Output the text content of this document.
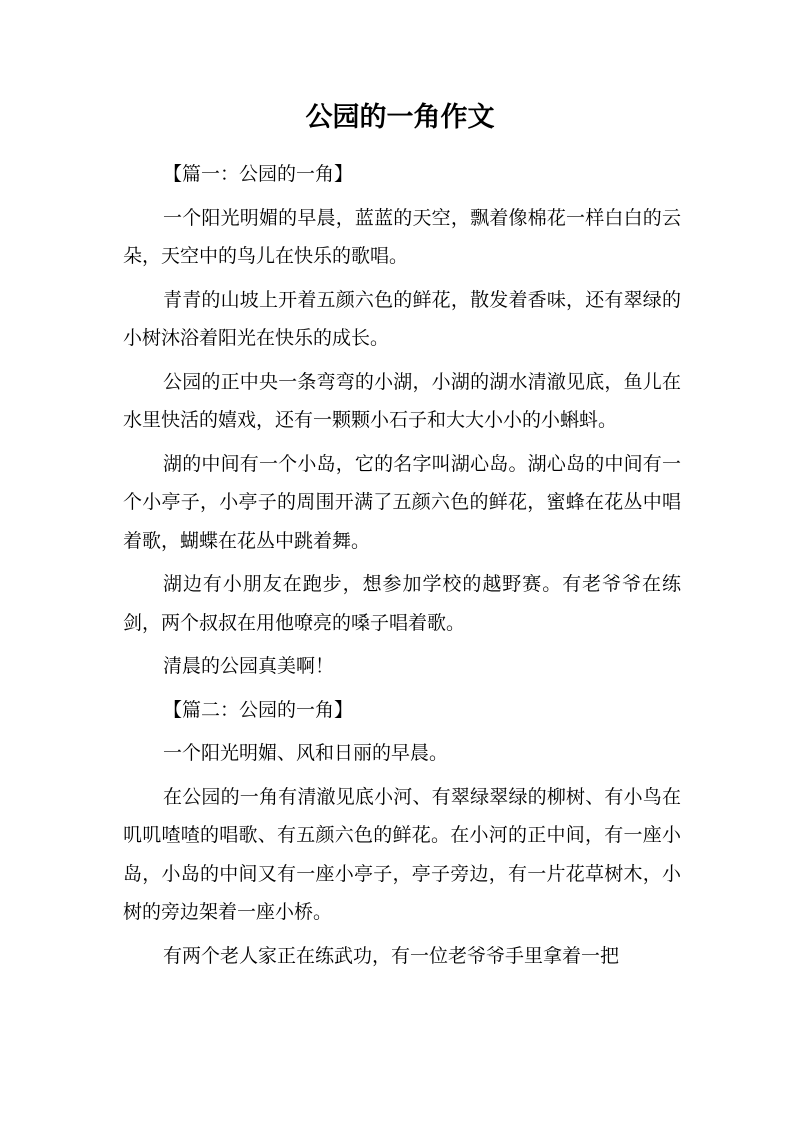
公园的一角作文

【篇一：公园的一角】

一个阳光明媚的早晨，蓝蓝的天空，飘着像棉花一样白白的云朵，天空中的鸟儿在快乐的歌唱。

青青的山坡上开着五颜六色的鲜花，散发着香味，还有翠绿的小树沐浴着阳光在快乐的成长。

公园的正中央一条弯弯的小湖，小湖的湖水清澈见底，鱼儿在水里快活的嬉戏，还有一颗颗小石子和大大小小的小蝌蚪。

湖的中间有一个小岛，它的名字叫湖心岛。湖心岛的中间有一个小亭子，小亭子的周围开满了五颜六色的鲜花，蜜蜂在花丛中唱着歌，蝴蝶在花丛中跳着舞。

湖边有小朋友在跑步，想参加学校的越野赛。有老爷爷在练剑，两个叔叔在用他嘹亮的嗓子唱着歌。

清晨的公园真美啊！

【篇二：公园的一角】

一个阳光明媚、风和日丽的早晨。

在公园的一角有清澈见底小河、有翠绿翠绿的柳树、有小鸟在叽叽喳喳的唱歌、有五颜六色的鲜花。在小河的正中间，有一座小岛，小岛的中间又有一座小亭子，亭子旁边，有一片花草树木，小树的旁边架着一座小桥。

有两个老人家正在练武功，有一位老爷爷手里拿着一把
